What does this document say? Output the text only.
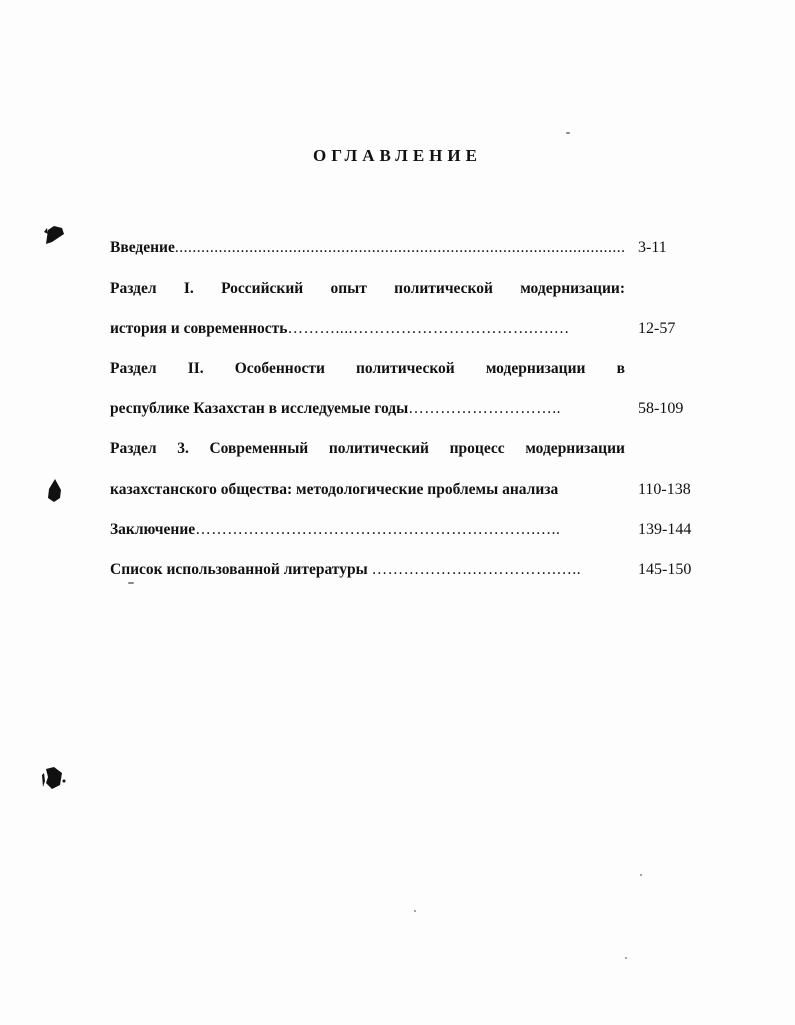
ОГЛАВЛЕНИЕ
Введение....................................................................................................... 3-11
Раздел I. Российский опыт политической модернизации:
история и современность………....…………………………….….…	12-57
Раздел II. Особенности политической модернизации в
республике Казахстан в исследуемые годы………………………..	58-109
Раздел 3. Современный политический процесс модернизации
казахстанского общества: методологические проблемы анализа	110-138
Заключение……………………………………………………….…..	139-144
Список использованной литературы ……………….…………….…..	145-150
